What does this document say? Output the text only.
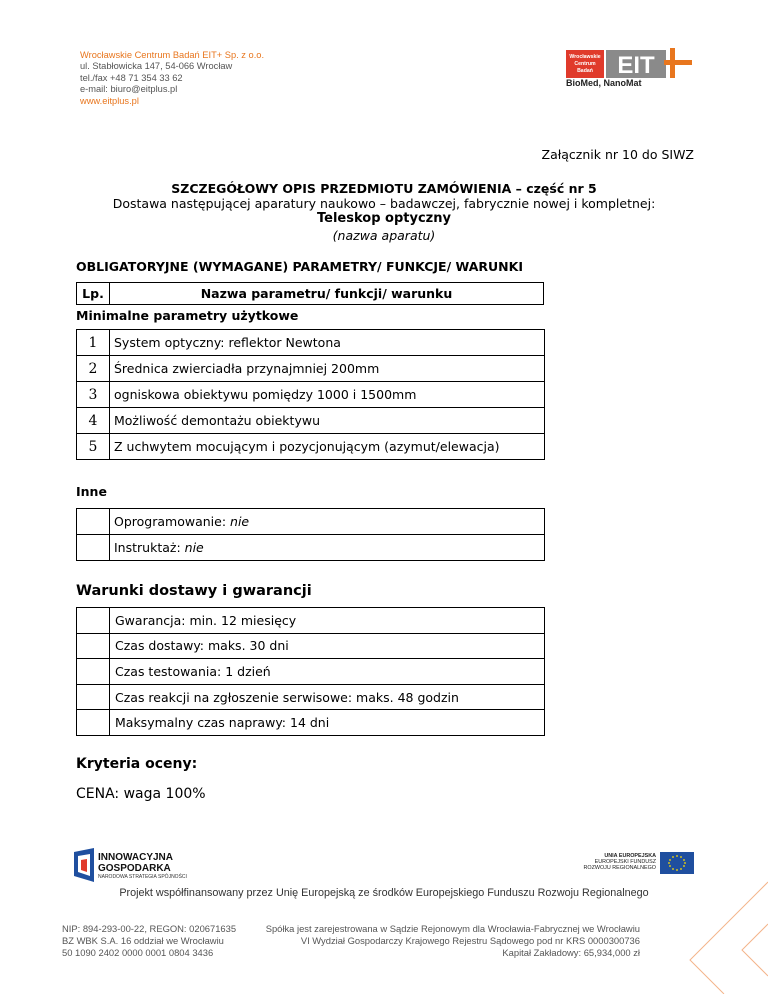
Wrocławskie Centrum Badań EIT+ Sp. z o.o.
ul. Stabłowicka 147, 54-066 Wrocław
tel./fax +48 71 354 33 62
e-mail: biuro@eitplus.pl
www.eitplus.pl
Wrocławskie
Centrum
Badań EIT
BioMed, NanoMat
Załącznik nr 10 do SIWZ
SZCZEGÓŁOWY OPIS PRZEDMIOTU ZAMÓWIENIA – część nr 5
Dostawa następującej aparatury naukowo – badawczej, fabrycznie nowej i kompletnej:
Teleskop optyczny
(nazwa aparatu)
OBLIGATORYJNE (WYMAGANE) PARAMETRY/ FUNKCJE/ WARUNKI
Lp.	Nazwa parametru/ funkcji/ warunku
Minimalne parametry użytkowe
1	System optyczny: reflektor Newtona
2	Średnica zwierciadła przynajmniej 200mm
3	ogniskowa obiektywu pomiędzy 1000 i 1500mm
4	Możliwość demontażu obiektywu
5	Z uchwytem mocującym i pozycjonującym (azymut/elewacja)
Inne
	Oprogramowanie: nie
	Instruktaż: nie
Warunki dostawy i gwarancji
	Gwarancja: min. 12 miesięcy
	Czas dostawy: maks. 30 dni
	Czas testowania: 1 dzień
	Czas reakcji na zgłoszenie serwisowe: maks. 48 godzin
	Maksymalny czas naprawy: 14 dni
Kryteria oceny:
CENA: waga 100%
INNOWACYJNA
GOSPODARKA
NARODOWA STRATEGIA SPÓJNOŚCI
UNIA EUROPEJSKA
EUROPEJSKI FUNDUSZ
ROZWOJU REGIONALNEGO
Projekt współfinansowany przez Unię Europejską ze środków Europejskiego Funduszu Rozwoju Regionalnego
NIP: 894-293-00-22, REGON: 020671635
BZ WBK S.A. 16 oddział we Wrocławiu
50 1090 2402 0000 0001 0804 3436
Spółka jest zarejestrowana w Sądzie Rejonowym dla Wrocławia-Fabrycznej we Wrocławiu
VI Wydział Gospodarczy Krajowego Rejestru Sądowego pod nr KRS 0000300736
Kapitał Zakładowy: 65,934,000 zł
